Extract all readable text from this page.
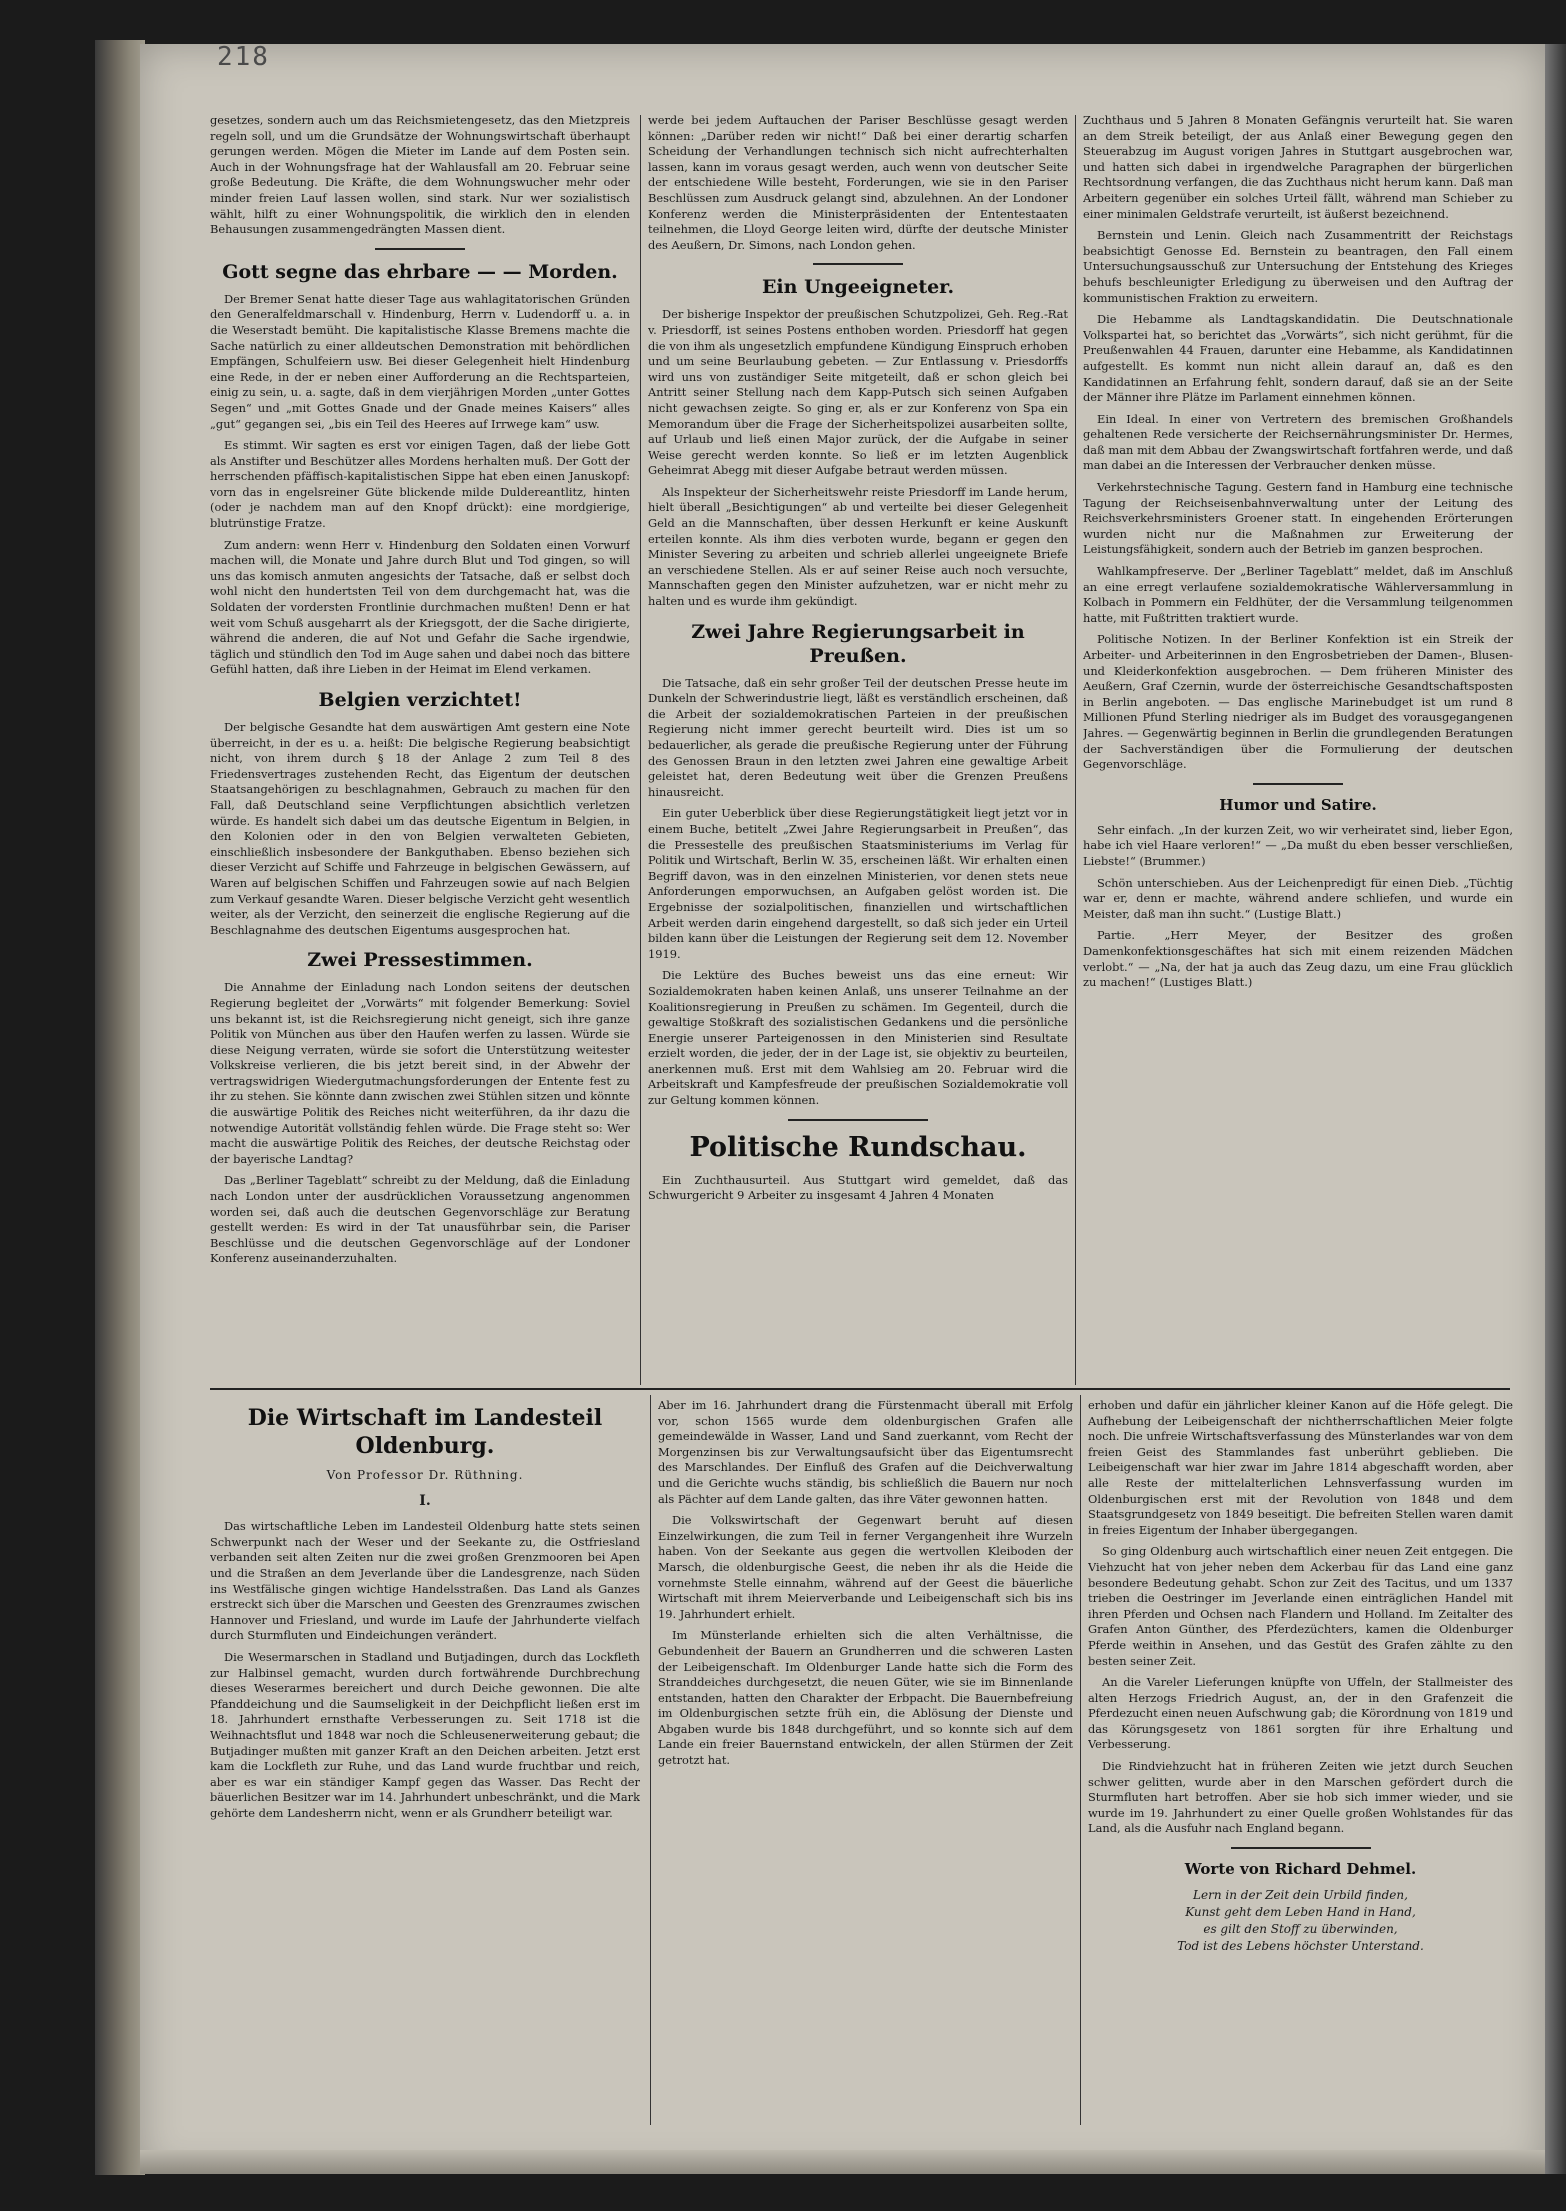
218

gesetzes, sondern auch um das Reichsmietengesetz, das den Mietzpreis regeln soll, und um die Grundsätze der Wohnungswirtschaft überhaupt gerungen werden. Mögen die Mieter im Lande auf dem Posten sein. Auch in der Wohnungsfrage hat der Wahlausfall am 20. Februar seine große Bedeutung. Die Kräfte, die dem Wohnungswucher mehr oder minder freien Lauf lassen wollen, sind stark. Nur wer sozialistisch wählt, hilft zu einer Wohnungspolitik, die wirklich den in elenden Behausungen zusammengedrängten Massen dient.

Gott segne das ehrbare — — Morden.

Der Bremer Senat hatte dieser Tage aus wahlagitatorischen Gründen den Generalfeldmarschall v. Hindenburg, Herrn v. Ludendorff u. a. in die Weserstadt bemüht. Die kapitalistische Klasse Bremens machte die Sache natürlich zu einer alldeutschen Demonstration mit behördlichen Empfängen, Schulfeiern usw. Bei dieser Gelegenheit hielt Hindenburg eine Rede, in der er neben einer Aufforderung an die Rechtsparteien, einig zu sein, u. a. sagte, daß in dem vierjährigen Morden „unter Gottes Segen“ und „mit Gottes Gnade und der Gnade meines Kaisers“ alles „gut“ gegangen sei, „bis ein Teil des Heeres auf Irrwege kam“ usw.

Es stimmt. Wir sagten es erst vor einigen Tagen, daß der liebe Gott als Anstifter und Beschützer alles Mordens herhalten muß. Der Gott der herrschenden pfäffisch-kapitalistischen Sippe hat eben einen Januskopf: vorn das in engelsreiner Güte blickende milde Duldereantlitz, hinten (oder je nachdem man auf den Knopf drückt): eine mordgierige, blutrünstige Fratze.

Zum andern: wenn Herr v. Hindenburg den Soldaten einen Vorwurf machen will, die Monate und Jahre durch Blut und Tod gingen, so will uns das komisch anmuten angesichts der Tatsache, daß er selbst doch wohl nicht den hundertsten Teil von dem durchgemacht hat, was die Soldaten der vordersten Frontlinie durchmachen mußten! Denn er hat weit vom Schuß ausgeharrt als der Kriegsgott, der die Sache dirigierte, während die anderen, die auf Not und Gefahr die Sache irgendwie, täglich und stündlich den Tod im Auge sahen und dabei noch das bittere Gefühl hatten, daß ihre Lieben in der Heimat im Elend verkamen.

Belgien verzichtet!

Der belgische Gesandte hat dem auswärtigen Amt gestern eine Note überreicht, in der es u. a. heißt: Die belgische Regierung beabsichtigt nicht, von ihrem durch § 18 der Anlage 2 zum Teil 8 des Friedensvertrages zustehenden Recht, das Eigentum der deutschen Staatsangehörigen zu beschlagnahmen, Gebrauch zu machen für den Fall, daß Deutschland seine Verpflichtungen absichtlich verletzen würde. Es handelt sich dabei um das deutsche Eigentum in Belgien, in den Kolonien oder in den von Belgien verwalteten Gebieten, einschließlich insbesondere der Bankguthaben. Ebenso beziehen sich dieser Verzicht auf Schiffe und Fahrzeuge in belgischen Gewässern, auf Waren auf belgischen Schiffen und Fahrzeugen sowie auf nach Belgien zum Verkauf gesandte Waren. Dieser belgische Verzicht geht wesentlich weiter, als der Verzicht, den seinerzeit die englische Regierung auf die Beschlagnahme des deutschen Eigentums ausgesprochen hat.

Zwei Pressestimmen.

Die Annahme der Einladung nach London seitens der deutschen Regierung begleitet der „Vorwärts“ mit folgender Bemerkung: Soviel uns bekannt ist, ist die Reichsregierung nicht geneigt, sich ihre ganze Politik von München aus über den Haufen werfen zu lassen. Würde sie diese Neigung verraten, würde sie sofort die Unterstützung weitester Volkskreise verlieren, die bis jetzt bereit sind, in der Abwehr der vertragswidrigen Wiedergutmachungsforderungen der Entente fest zu ihr zu stehen. Sie könnte dann zwischen zwei Stühlen sitzen und könnte die auswärtige Politik des Reiches nicht weiterführen, da ihr dazu die notwendige Autorität vollständig fehlen würde. Die Frage steht so: Wer macht die auswärtige Politik des Reiches, der deutsche Reichstag oder der bayerische Landtag?

Das „Berliner Tageblatt“ schreibt zu der Meldung, daß die Einladung nach London unter der ausdrücklichen Voraussetzung angenommen worden sei, daß auch die deutschen Gegenvorschläge zur Beratung gestellt werden: Es wird in der Tat unausführbar sein, die Pariser Beschlüsse und die deutschen Gegenvorschläge auf der Londoner Konferenz auseinanderzuhalten.

werde bei jedem Auftauchen der Pariser Beschlüsse gesagt werden können: „Darüber reden wir nicht!“ Daß bei einer derartig scharfen Scheidung der Verhandlungen technisch sich nicht aufrechterhalten lassen, kann im voraus gesagt werden, auch wenn von deutscher Seite der entschiedene Wille besteht, Forderungen, wie sie in den Pariser Beschlüssen zum Ausdruck gelangt sind, abzulehnen. An der Londoner Konferenz werden die Ministerpräsidenten der Ententestaaten teilnehmen, die Lloyd George leiten wird, dürfte der deutsche Minister des Aeußern, Dr. Simons, nach London gehen.

Ein Ungeeigneter.

Der bisherige Inspektor der preußischen Schutzpolizei, Geh. Reg.-Rat v. Priesdorff, ist seines Postens enthoben worden. Priesdorff hat gegen die von ihm als ungesetzlich empfundene Kündigung Einspruch erhoben und um seine Beurlaubung gebeten. — Zur Entlassung v. Priesdorffs wird uns von zuständiger Seite mitgeteilt, daß er schon gleich bei Antritt seiner Stellung nach dem Kapp-Putsch sich seinen Aufgaben nicht gewachsen zeigte. So ging er, als er zur Konferenz von Spa ein Memorandum über die Frage der Sicherheitspolizei ausarbeiten sollte, auf Urlaub und ließ einen Major zurück, der die Aufgabe in seiner Weise gerecht werden konnte. So ließ er im letzten Augenblick Geheimrat Abegg mit dieser Aufgabe betraut werden müssen.

Als Inspekteur der Sicherheitswehr reiste Priesdorff im Lande herum, hielt überall „Besichtigungen“ ab und verteilte bei dieser Gelegenheit Geld an die Mannschaften, über dessen Herkunft er keine Auskunft erteilen konnte. Als ihm dies verboten wurde, begann er gegen den Minister Severing zu arbeiten und schrieb allerlei ungeeignete Briefe an verschiedene Stellen. Als er auf seiner Reise auch noch versuchte, Mannschaften gegen den Minister aufzuhetzen, war er nicht mehr zu halten und es wurde ihm gekündigt.

Zwei Jahre Regierungsarbeit in Preußen.

Die Tatsache, daß ein sehr großer Teil der deutschen Presse heute im Dunkeln der Schwerindustrie liegt, läßt es verständlich erscheinen, daß die Arbeit der sozialdemokratischen Parteien in der preußischen Regierung nicht immer gerecht beurteilt wird. Dies ist um so bedauerlicher, als gerade die preußische Regierung unter der Führung des Genossen Braun in den letzten zwei Jahren eine gewaltige Arbeit geleistet hat, deren Bedeutung weit über die Grenzen Preußens hinausreicht.

Ein guter Ueberblick über diese Regierungstätigkeit liegt jetzt vor in einem Buche, betitelt „Zwei Jahre Regierungsarbeit in Preußen“, das die Pressestelle des preußischen Staatsministeriums im Verlag für Politik und Wirtschaft, Berlin W. 35, erscheinen läßt. Wir erhalten einen Begriff davon, was in den einzelnen Ministerien, vor denen stets neue Anforderungen emporwuchsen, an Aufgaben gelöst worden ist. Die Ergebnisse der sozialpolitischen, finanziellen und wirtschaftlichen Arbeit werden darin eingehend dargestellt, so daß sich jeder ein Urteil bilden kann über die Leistungen der Regierung seit dem 12. November 1919.

Die Lektüre des Buches beweist uns das eine erneut: Wir Sozialdemokraten haben keinen Anlaß, uns unserer Teilnahme an der Koalitionsregierung in Preußen zu schämen. Im Gegenteil, durch die gewaltige Stoßkraft des sozialistischen Gedankens und die persönliche Energie unserer Parteigenossen in den Ministerien sind Resultate erzielt worden, die jeder, der in der Lage ist, sie objektiv zu beurteilen, anerkennen muß. Erst mit dem Wahlsieg am 20. Februar wird die Arbeitskraft und Kampfesfreude der preußischen Sozialdemokratie voll zur Geltung kommen können.

Politische Rundschau.

Ein Zuchthausurteil. Aus Stuttgart wird gemeldet, daß das Schwurgericht 9 Arbeiter zu insgesamt 4 Jahren 4 Monaten

Zuchthaus und 5 Jahren 8 Monaten Gefängnis verurteilt hat. Sie waren an dem Streik beteiligt, der aus Anlaß einer Bewegung gegen den Steuerabzug im August vorigen Jahres in Stuttgart ausgebrochen war, und hatten sich dabei in irgendwelche Paragraphen der bürgerlichen Rechtsordnung verfangen, die das Zuchthaus nicht herum kann. Daß man Arbeitern gegenüber ein solches Urteil fällt, während man Schieber zu einer minimalen Geldstrafe verurteilt, ist äußerst bezeichnend.

Bernstein und Lenin. Gleich nach Zusammentritt der Reichstags beabsichtigt Genosse Ed. Bernstein zu beantragen, den Fall einem Untersuchungsausschuß zur Untersuchung der Entstehung des Krieges behufs beschleunigter Erledigung zu überweisen und den Auftrag der kommunistischen Fraktion zu erweitern.

Die Hebamme als Landtagskandidatin. Die Deutschnationale Volkspartei hat, so berichtet das „Vorwärts“, sich nicht gerühmt, für die Preußenwahlen 44 Frauen, darunter eine Hebamme, als Kandidatinnen aufgestellt. Es kommt nun nicht allein darauf an, daß es den Kandidatinnen an Erfahrung fehlt, sondern darauf, daß sie an der Seite der Männer ihre Plätze im Parlament einnehmen können.

Ein Ideal. In einer von Vertretern des bremischen Großhandels gehaltenen Rede versicherte der Reichsernährungsminister Dr. Hermes, daß man mit dem Abbau der Zwangswirtschaft fortfahren werde, und daß man dabei an die Interessen der Verbraucher denken müsse.

Verkehrstechnische Tagung. Gestern fand in Hamburg eine technische Tagung der Reichseisenbahnverwaltung unter der Leitung des Reichsverkehrsministers Groener statt. In eingehenden Erörterungen wurden nicht nur die Maßnahmen zur Erweiterung der Leistungsfähigkeit, sondern auch der Betrieb im ganzen besprochen.

Wahlkampfreserve. Der „Berliner Tageblatt“ meldet, daß im Anschluß an eine erregt verlaufene sozialdemokratische Wählerversammlung in Kolbach in Pommern ein Feldhüter, der die Versammlung teilgenommen hatte, mit Fußtritten traktiert wurde.

Politische Notizen. In der Berliner Konfektion ist ein Streik der Arbeiter- und Arbeiterinnen in den Engrosbetrieben der Damen-, Blusen- und Kleiderkonfektion ausgebrochen. — Dem früheren Minister des Aeußern, Graf Czernin, wurde der österreichische Gesandtschaftsposten in Berlin angeboten. — Das englische Marinebudget ist um rund 8 Millionen Pfund Sterling niedriger als im Budget des vorausgegangenen Jahres. — Gegenwärtig beginnen in Berlin die grundlegenden Beratungen der Sachverständigen über die Formulierung der deutschen Gegenvorschläge.

Humor und Satire.

Sehr einfach. „In der kurzen Zeit, wo wir verheiratet sind, lieber Egon, habe ich viel Haare verloren!“ — „Da mußt du eben besser verschließen, Liebste!“ (Brummer.)

Schön unterschieben. Aus der Leichenpredigt für einen Dieb. „Tüchtig war er, denn er machte, während andere schliefen, und wurde ein Meister, daß man ihn sucht.“ (Lustige Blatt.)

Partie. „Herr Meyer, der Besitzer des großen Damenkonfektionsgeschäftes hat sich mit einem reizenden Mädchen verlobt.“ — „Na, der hat ja auch das Zeug dazu, um eine Frau glücklich zu machen!“ (Lustiges Blatt.)

Die Wirtschaft im Landesteil Oldenburg.
Von Professor Dr. Rüthning.
I.

Das wirtschaftliche Leben im Landesteil Oldenburg hatte stets seinen Schwerpunkt nach der Weser und der Seekante zu, die Ostfriesland verbanden seit alten Zeiten nur die zwei großen Grenzmooren bei Apen und die Straßen an dem Jeverlande über die Landesgrenze, nach Süden ins Westfälische gingen wichtige Handelsstraßen. Das Land als Ganzes erstreckt sich über die Marschen und Geesten des Grenzraumes zwischen Hannover und Friesland, und wurde im Laufe der Jahrhunderte vielfach durch Sturmfluten und Eindeichungen verändert.

Die Wesermarschen in Stadland und Butjadingen, durch das Lockfleth zur Halbinsel gemacht, wurden durch fortwährende Durchbrechung dieses Weserarmes bereichert und durch Deiche gewonnen. Die alte Pfanddeichung und die Saumseligkeit in der Deichpflicht ließen erst im 18. Jahrhundert ernsthafte Verbesserungen zu. Seit 1718 ist die Weihnachtsflut und 1848 war noch die Schleusenerweiterung gebaut; die Butjadinger mußten mit ganzer Kraft an den Deichen arbeiten. Jetzt erst kam die Lockfleth zur Ruhe, und das Land wurde fruchtbar und reich, aber es war ein ständiger Kampf gegen das Wasser. Das Recht der bäuerlichen Besitzer war im 14. Jahrhundert unbeschränkt, und die Mark gehörte dem Landesherrn nicht, wenn er als Grundherr beteiligt war.

Aber im 16. Jahrhundert drang die Fürstenmacht überall mit Erfolg vor, schon 1565 wurde dem oldenburgischen Grafen alle gemeindewälde in Wasser, Land und Sand zuerkannt, vom Recht der Morgenzinsen bis zur Verwaltungsaufsicht über das Eigentumsrecht des Marschlandes. Der Einfluß des Grafen auf die Deichverwaltung und die Gerichte wuchs ständig, bis schließlich die Bauern nur noch als Pächter auf dem Lande galten, das ihre Väter gewonnen hatten.

Die Volkswirtschaft der Gegenwart beruht auf diesen Einzelwirkungen, die zum Teil in ferner Vergangenheit ihre Wurzeln haben. Von der Seekante aus gegen die wertvollen Kleiboden der Marsch, die oldenburgische Geest, die neben ihr als die Heide die vornehmste Stelle einnahm, während auf der Geest die bäuerliche Wirtschaft mit ihrem Meierverbande und Leibeigenschaft sich bis ins 19. Jahrhundert erhielt.

Im Münsterlande erhielten sich die alten Verhältnisse, die Gebundenheit der Bauern an Grundherren und die schweren Lasten der Leibeigenschaft. Im Oldenburger Lande hatte sich die Form des Stranddeiches durchgesetzt, die neuen Güter, wie sie im Binnenlande entstanden, hatten den Charakter der Erbpacht. Die Bauernbefreiung im Oldenburgischen setzte früh ein, die Ablösung der Dienste und Abgaben wurde bis 1848 durchgeführt, und so konnte sich auf dem Lande ein freier Bauernstand entwickeln, der allen Stürmen der Zeit getrotzt hat.

erhoben und dafür ein jährlicher kleiner Kanon auf die Höfe gelegt. Die Aufhebung der Leibeigenschaft der nichtherrschaftlichen Meier folgte noch. Die unfreie Wirtschaftsverfassung des Münsterlandes war von dem freien Geist des Stammlandes fast unberührt geblieben. Die Leibeigenschaft war hier zwar im Jahre 1814 abgeschafft worden, aber alle Reste der mittelalterlichen Lehnsverfassung wurden im Oldenburgischen erst mit der Revolution von 1848 und dem Staatsgrundgesetz von 1849 beseitigt. Die befreiten Stellen waren damit in freies Eigentum der Inhaber übergegangen.

So ging Oldenburg auch wirtschaftlich einer neuen Zeit entgegen. Die Viehzucht hat von jeher neben dem Ackerbau für das Land eine ganz besondere Bedeutung gehabt. Schon zur Zeit des Tacitus, und um 1337 trieben die Oestringer im Jeverlande einen einträglichen Handel mit ihren Pferden und Ochsen nach Flandern und Holland. Im Zeitalter des Grafen Anton Günther, des Pferdezüchters, kamen die Oldenburger Pferde weithin in Ansehen, und das Gestüt des Grafen zählte zu den besten seiner Zeit.

An die Vareler Lieferungen knüpfte von Uffeln, der Stallmeister des alten Herzogs Friedrich August, an, der in den Grafenzeit die Pferdezucht einen neuen Aufschwung gab; die Körordnung von 1819 und das Körungsgesetz von 1861 sorgten für ihre Erhaltung und Verbesserung.

Die Rindviehzucht hat in früheren Zeiten wie jetzt durch Seuchen schwer gelitten, wurde aber in den Marschen gefördert durch die Sturmfluten hart betroffen. Aber sie hob sich immer wieder, und sie wurde im 19. Jahrhundert zu einer Quelle großen Wohlstandes für das Land, als die Ausfuhr nach England begann.

Worte von Richard Dehmel.
Lern in der Zeit dein Urbild finden,
Kunst geht dem Leben Hand in Hand,
es gilt den Stoff zu überwinden,
Tod ist des Lebens höchster Unterstand.
